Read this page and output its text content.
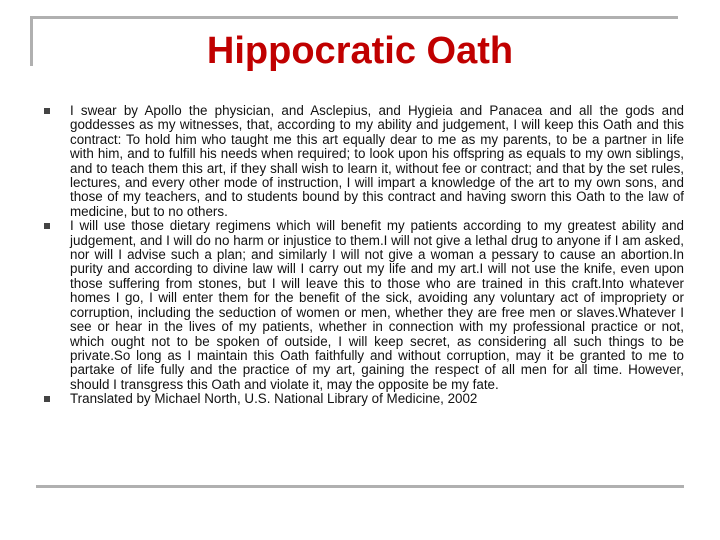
Hippocratic Oath
I swear by Apollo the physician, and Asclepius, and Hygieia and Panacea and all the gods and goddesses as my witnesses, that, according to my ability and judgement, I will keep this Oath and this contract: To hold him who taught me this art equally dear to me as my parents, to be a partner in life with him, and to fulfill his needs when required; to look upon his offspring as equals to my own siblings, and to teach them this art, if they shall wish to learn it, without fee or contract; and that by the set rules, lectures, and every other mode of instruction, I will impart a knowledge of the art to my own sons, and those of my teachers, and to students bound by this contract and having sworn this Oath to the law of medicine, but to no others.
I will use those dietary regimens which will benefit my patients according to my greatest ability and judgement, and I will do no harm or injustice to them.I will not give a lethal drug to anyone if I am asked, nor will I advise such a plan; and similarly I will not give a woman a pessary to cause an abortion.In purity and according to divine law will I carry out my life and my art.I will not use the knife, even upon those suffering from stones, but I will leave this to those who are trained in this craft.Into whatever homes I go, I will enter them for the benefit of the sick, avoiding any voluntary act of impropriety or corruption, including the seduction of women or men, whether they are free men or slaves.Whatever I see or hear in the lives of my patients, whether in connection with my professional practice or not, which ought not to be spoken of outside, I will keep secret, as considering all such things to be private.So long as I maintain this Oath faithfully and without corruption, may it be granted to me to partake of life fully and the practice of my art, gaining the respect of all men for all time. However, should I transgress this Oath and violate it, may the opposite be my fate.
Translated by Michael North, U.S. National Library of Medicine, 2002
